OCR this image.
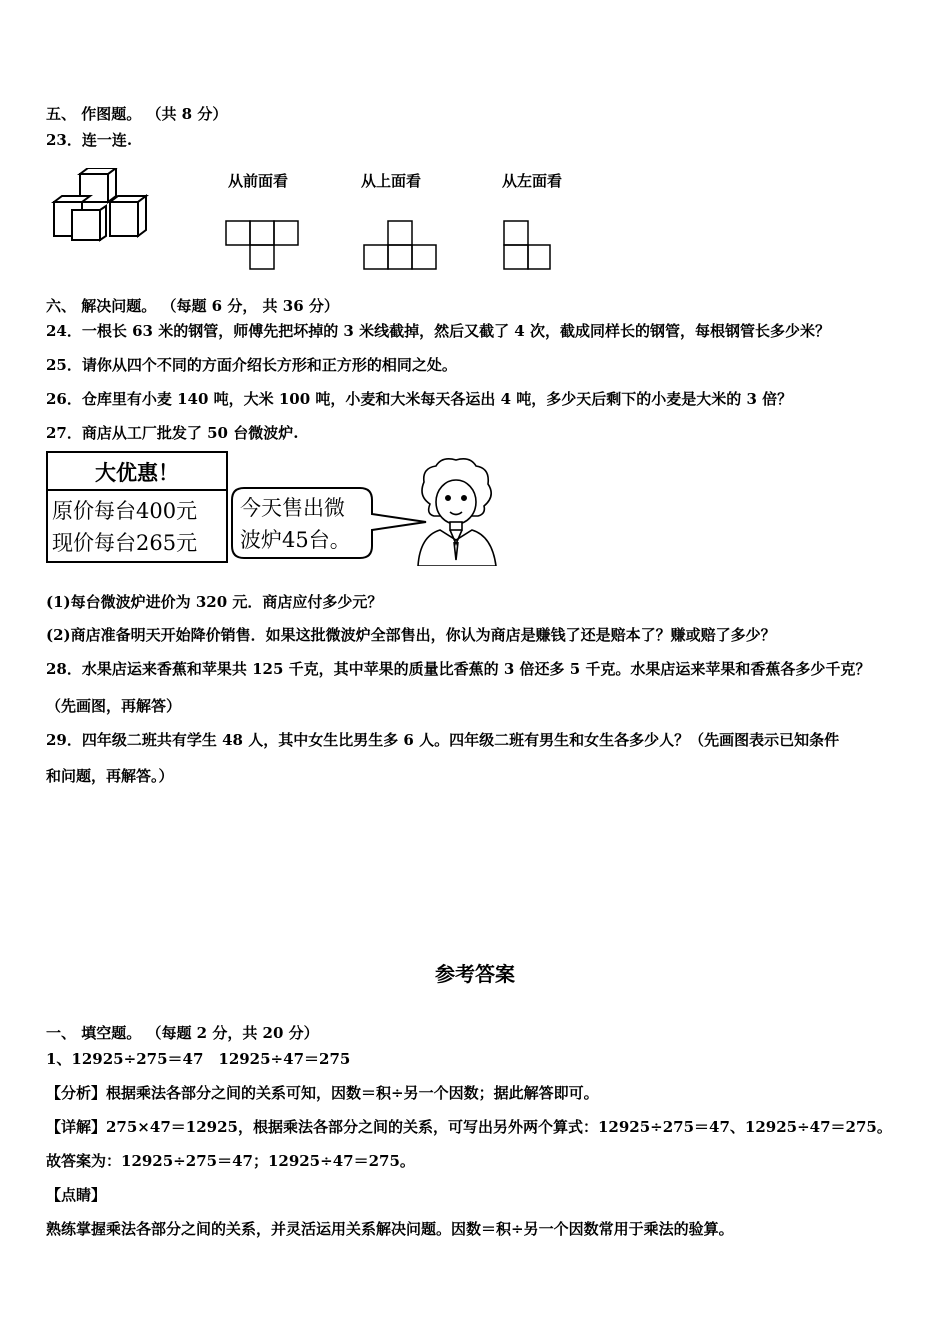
五、 作图题。 （共 8 分）
23．连一连.
从前面看	从上面看	从左面看
六、 解决问题。 （每题 6 分， 共 36 分）
24．一根长 63 米的钢管，师傅先把坏掉的 3 米线截掉，然后又截了 4 次，截成同样长的钢管，每根钢管长多少米？
25．请你从四个不同的方面介绍长方形和正方形的相同之处。
26．仓库里有小麦 140 吨，大米 100 吨，小麦和大米每天各运出 4 吨，多少天后剩下的小麦是大米的 3 倍？
27．商店从工厂批发了 50 台微波炉.
大优惠！
原价每台400元
现价每台265元
今天售出微
波炉45台。
(1)每台微波炉进价为 320 元．商店应付多少元？
(2)商店准备明天开始降价销售．如果这批微波炉全部售出，你认为商店是赚钱了还是赔本了？赚或赔了多少？
28．水果店运来香蕉和苹果共 125 千克，其中苹果的质量比香蕉的 3 倍还多 5 千克。水果店运来苹果和香蕉各多少千克？
（先画图，再解答）
29．四年级二班共有学生 48 人，其中女生比男生多 6 人。四年级二班有男生和女生各多少人？（先画图表示已知条件
和问题，再解答。）
参考答案
一、 填空题。 （每题 2 分，共 20 分）
1、12925÷275＝47　12925÷47＝275
【分析】根据乘法各部分之间的关系可知，因数＝积÷另一个因数；据此解答即可。
【详解】275×47＝12925，根据乘法各部分之间的关系，可写出另外两个算式：12925÷275＝47、12925÷47＝275。
故答案为：12925÷275＝47；12925÷47＝275。
【点睛】
熟练掌握乘法各部分之间的关系，并灵活运用关系解决问题。因数＝积÷另一个因数常用于乘法的验算。
